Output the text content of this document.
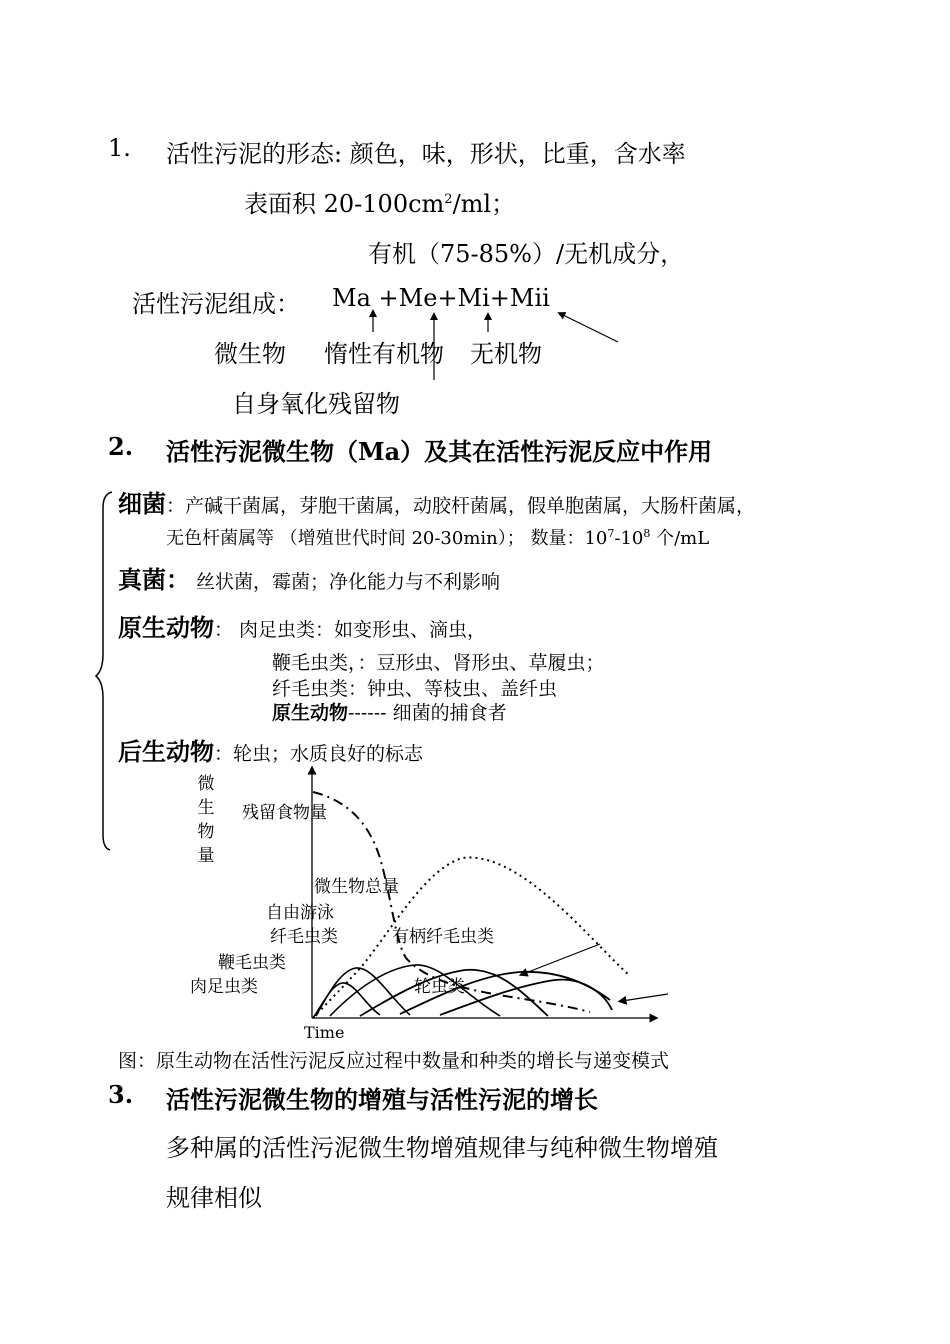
1. 活性污泥的形态: 颜色，味，形状，比重，含水率
表面积 $20-100cm^2/ml$；
有机（75-85%）/无机成分，
活性污泥组成： Ma +Me+Mi+Mii
微生物 惰性有机物 无机物
自身氧化残留物
2. 活性污泥微生物（Ma）及其在活性污泥反应中作用
细菌：产碱干菌属，芽胞干菌属，动胶杆菌属，假单胞菌属，大肠杆菌属，
无色杆菌属等 （增殖世代时间 20-30min）； 数量：$10^7-10^8$ 个/mL
真菌： 丝状菌，霉菌；净化能力与不利影响
原生动物： 肉足虫类：如变形虫、滴虫，
鞭毛虫类，：豆形虫、肾形虫、草履虫；
纤毛虫类：钟虫、等枝虫、盖纤虫
原生动物------ 细菌的捕食者
后生动物：轮虫；水质良好的标志
微
生
物
量
残留食物量
微生物总量
自由游泳
纤毛虫类	有柄纤毛虫类
鞭毛虫类
肉足虫类	轮虫类
Time
图：原生动物在活性污泥反应过程中数量和种类的增长与递变模式
3. 活性污泥微生物的增殖与活性污泥的增长
多种属的活性污泥微生物增殖规律与纯种微生物增殖
规律相似
